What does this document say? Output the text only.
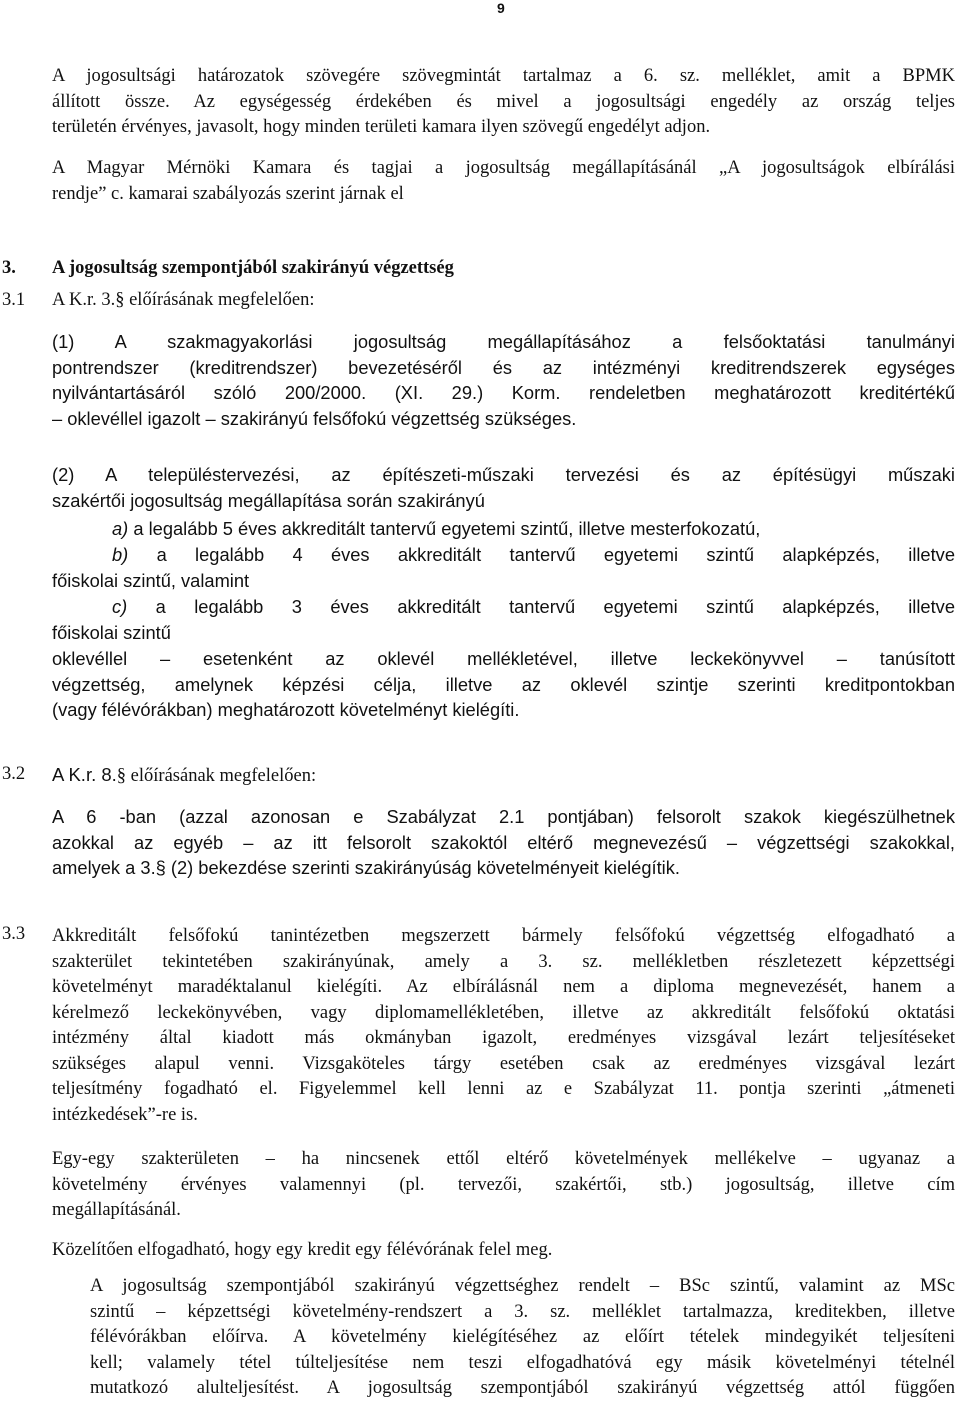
9
A jogosultsági határozatok szövegére szövegmintát tartalmaz a 6. sz. melléklet, amit a BPMK
állított össze. Az egységesség érdekében és mivel a jogosultsági engedély az ország teljes
területén érvényes, javasolt, hogy minden területi kamara ilyen szövegű engedélyt adjon.
A Magyar Mérnöki Kamara és tagjai a jogosultság megállapításánál „A jogosultságok elbírálási
rendje” c. kamarai szabályozás szerint járnak el
3. A jogosultság szempontjából szakirányú végzettség
3.1 A K.r. 3.§ előírásának megfelelően:
(1) A szakmagyakorlási jogosultság megállapításához a felsőoktatási tanulmányi
pontrendszer (kreditrendszer) bevezetéséről és az intézményi kreditrendszerek egységes
nyilvántartásáról szóló 200/2000. (XI. 29.) Korm. rendeletben meghatározott kreditértékű
– oklevéllel igazolt – szakirányú felsőfokú végzettség szükséges.
(2) A településtervezési, az építészeti-műszaki tervezési és az építésügyi műszaki
szakértői jogosultság megállapítása során szakirányú
a) a legalább 5 éves akkreditált tantervű egyetemi szintű, illetve mesterfokozatú,
b) a legalább 4 éves akkreditált tantervű egyetemi szintű alapképzés, illetve
főiskolai szintű, valamint
c) a legalább 3 éves akkreditált tantervű egyetemi szintű alapképzés, illetve
főiskolai szintű
oklevéllel – esetenként az oklevél mellékletével, illetve leckekönyvvel – tanúsított
végzettség, amelynek képzési célja, illetve az oklevél szintje szerinti kreditpontokban
(vagy félévórákban) meghatározott követelményt kielégíti.
3.2 A K.r. 8.§ előírásának megfelelően:
A 6 -ban (azzal azonosan e Szabályzat 2.1 pontjában) felsorolt szakok kiegészülhetnek
azokkal az egyéb – az itt felsorolt szakoktól eltérő megnevezésű – végzettségi szakokkal,
amelyek a 3.§ (2) bekezdése szerinti szakirányúság követelményeit kielégítik.
3.3 Akkreditált felsőfokú tanintézetben megszerzett bármely felsőfokú végzettség elfogadható a
szakterület tekintetében szakirányúnak, amely a 3. sz. mellékletben részletezett képzettségi
követelményt maradéktalanul kielégíti. Az elbírálásnál nem a diploma megnevezését, hanem a
kérelmező leckekönyvében, vagy diplomamellékletében, illetve az akkreditált felsőfokú oktatási
intézmény által kiadott más okmányban igazolt, eredményes vizsgával lezárt teljesítéseket
szükséges alapul venni. Vizsgaköteles tárgy esetében csak az eredményes vizsgával lezárt
teljesítmény fogadható el. Figyelemmel kell lenni az e Szabályzat 11. pontja szerinti „átmeneti
intézkedések”-re is.
Egy-egy szakterületen – ha nincsenek ettől eltérő követelmények mellékelve – ugyanaz a
követelmény érvényes valamennyi (pl. tervezői, szakértői, stb.) jogosultság, illetve cím
megállapításánál.
Közelítően elfogadható, hogy egy kredit egy félévórának felel meg.
A jogosultság szempontjából szakirányú végzettséghez rendelt – BSc szintű, valamint az MSc
szintű – képzettségi követelmény-rendszert a 3. sz. melléklet tartalmazza, kreditekben, illetve
félévórákban előírva. A követelmény kielégítéséhez az előírt tételek mindegyikét teljesíteni
kell; valamely tétel túlteljesítése nem teszi elfogadhatóvá egy másik követelményi tételnél
mutatkozó alulteljesítést. A jogosultság szempontjából szakirányú végzettség attól függően
